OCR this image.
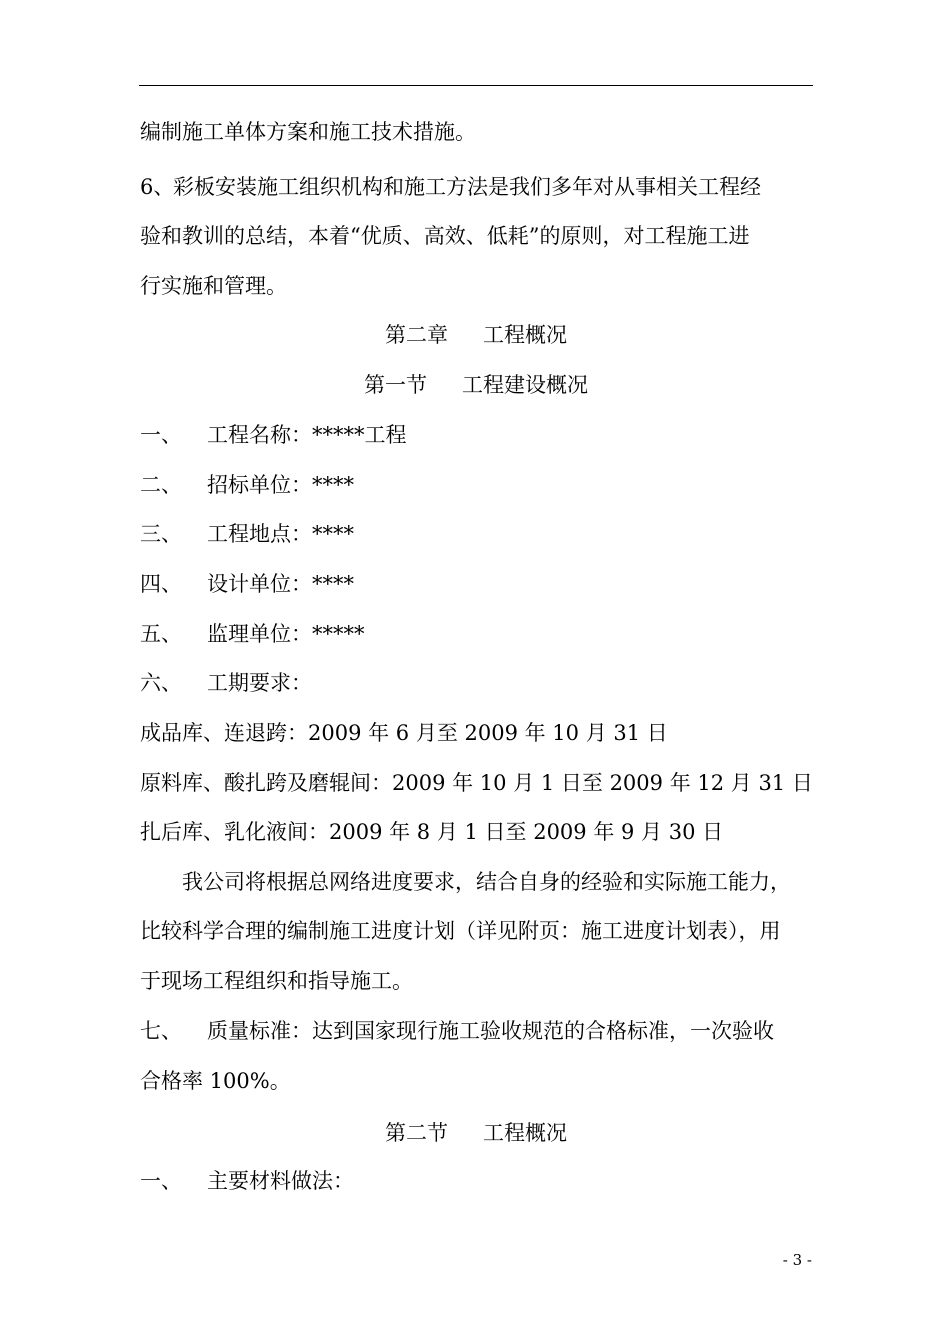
编制施工单体方案和施工技术措施。
6、彩板安装施工组织机构和施工方法是我们多年对从事相关工程经
验和教训的总结，本着“优质、高效、低耗”的原则，对工程施工进
行实施和管理。
第二章 工程概况
第一节 工程建设概况
一、 工程名称：*****工程
二、 招标单位：****
三、 工程地点：****
四、 设计单位：****
五、 监理单位：*****
六、 工期要求：
成品库、连退跨：2009 年 6 月至 2009 年 10 月 31 日
原料库、酸扎跨及磨辊间：2009 年 10 月 1 日至 2009 年 12 月 31 日
扎后库、乳化液间：2009 年 8 月 1 日至 2009 年 9 月 30 日
我公司将根据总网络进度要求，结合自身的经验和实际施工能力，
比较科学合理的编制施工进度计划（详见附页：施工进度计划表），用
于现场工程组织和指导施工。
七、 质量标准：达到国家现行施工验收规范的合格标准，一次验收
合格率 100%。
第二节 工程概况
一、 主要材料做法：
- 3 -
